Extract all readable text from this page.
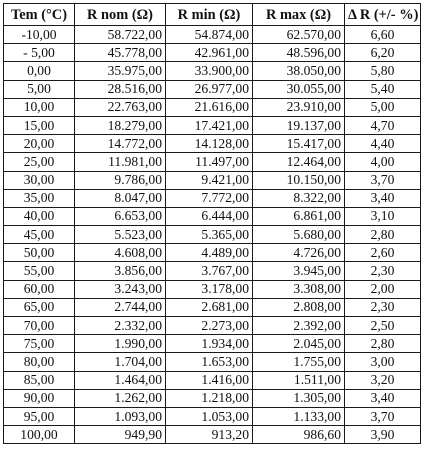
Tem (°C)	R nom (Ω)	R min (Ω)	R max (Ω)	Δ R (+/- %)
-10,00	58.722,00	54.874,00	62.570,00	6,60
- 5,00	45.778,00	42.961,00	48.596,00	6,20
0,00	35.975,00	33.900,00	38.050,00	5,80
5,00	28.516,00	26.977,00	30.055,00	5,40
10,00	22.763,00	21.616,00	23.910,00	5,00
15,00	18.279,00	17.421,00	19.137,00	4,70
20,00	14.772,00	14.128,00	15.417,00	4,40
25,00	11.981,00	11.497,00	12.464,00	4,00
30,00	9.786,00	9.421,00	10.150,00	3,70
35,00	8.047,00	7.772,00	8.322,00	3,40
40,00	6.653,00	6.444,00	6.861,00	3,10
45,00	5.523,00	5.365,00	5.680,00	2,80
50,00	4.608,00	4.489,00	4.726,00	2,60
55,00	3.856,00	3.767,00	3.945,00	2,30
60,00	3.243,00	3.178,00	3.308,00	2,00
65,00	2.744,00	2.681,00	2.808,00	2,30
70,00	2.332,00	2.273,00	2.392,00	2,50
75,00	1.990,00	1.934,00	2.045,00	2,80
80,00	1.704,00	1.653,00	1.755,00	3,00
85,00	1.464,00	1.416,00	1.511,00	3,20
90,00	1.262,00	1.218,00	1.305,00	3,40
95,00	1.093,00	1.053,00	1.133,00	3,70
100,00	949,90	913,20	986,60	3,90
